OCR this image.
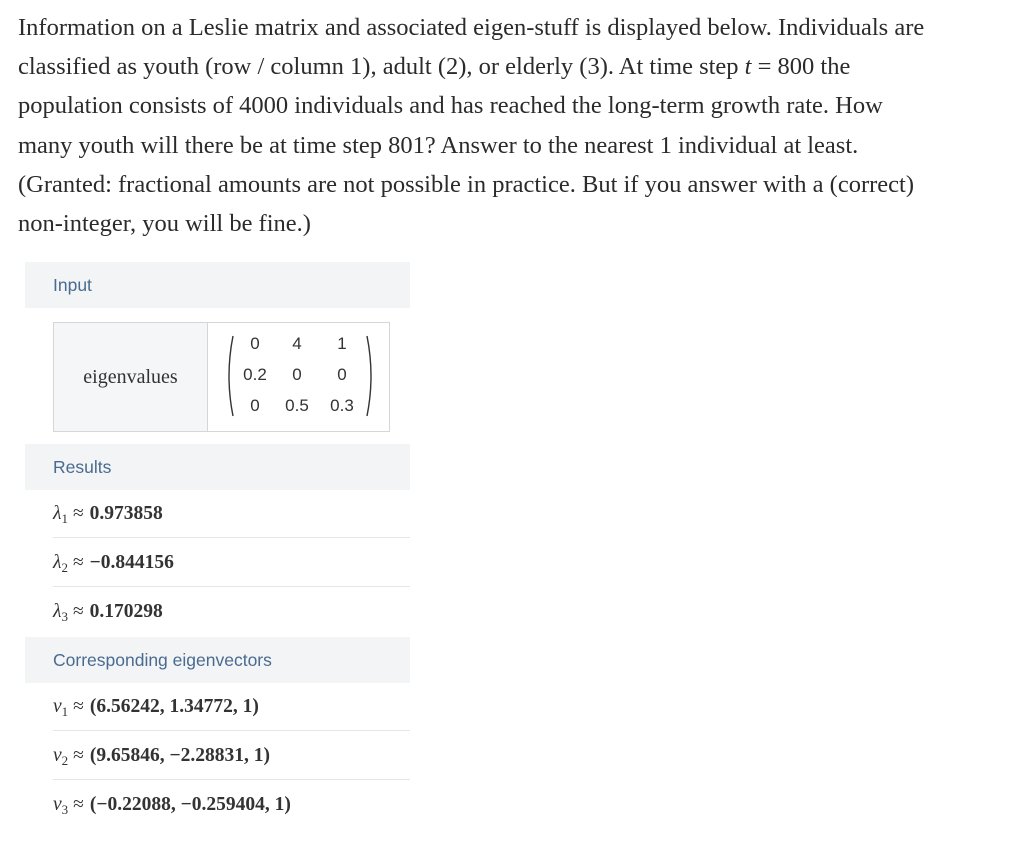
Information on a Leslie matrix and associated eigen-stuff is displayed below. Individuals are
classified as youth (row / column 1), adult (2), or elderly (3). At time step t = 800 the
population consists of 4000 individuals and has reached the long-term growth rate. How
many youth will there be at time step 801? Answer to the nearest 1 individual at least.
(Granted: fractional amounts are not possible in practice. But if you answer with a (correct)
non-integer, you will be fine.)
Input
eigenvalues
0	4	1
0.2	0	0
0	0.5	0.3
Results
λ 1 ≈ 0.973858
λ 2 ≈ −0.844156
λ 3 ≈ 0.170298
Corresponding eigenvectors
v 1 ≈ (6.56242, 1.34772, 1)
v 2 ≈ (9.65846, −2.28831, 1)
v 3 ≈ (−0.22088, −0.259404, 1)
